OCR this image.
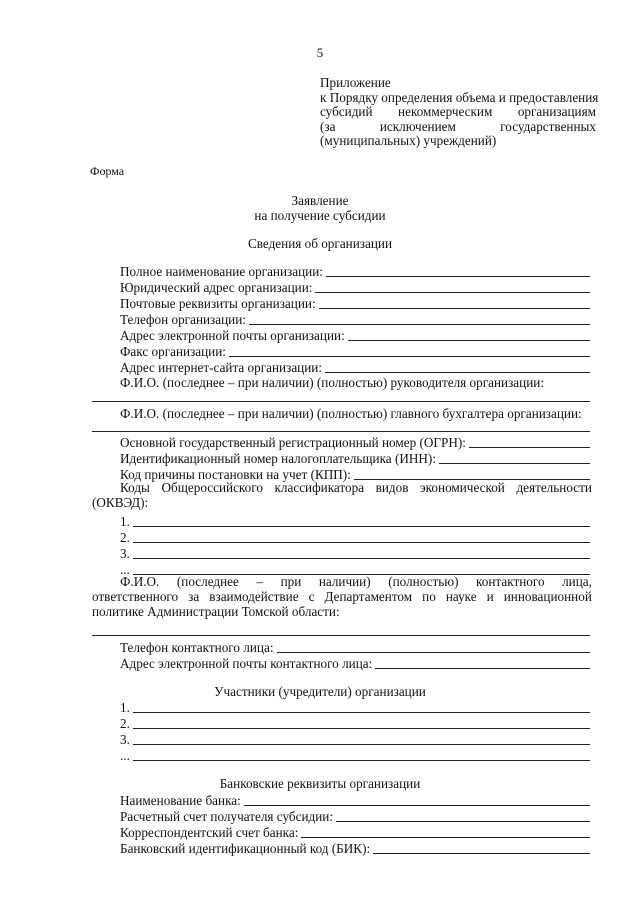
5
Приложение
к Порядку определения объема и предоставления
субсидий некоммерческим организациям
(за	исключением	государственных
(муниципальных) учреждений)
Форма
Заявление
на получение субсидии
Сведения об организации
Полное наименование организации:
Юридический адрес организации:
Почтовые реквизиты организации:
Телефон организации:
Адрес электронной почты организации:
Факс организации:
Адрес интернет-сайта организации:
Ф.И.О. (последнее – при наличии) (полностью) руководителя организации:
Ф.И.О. (последнее – при наличии) (полностью) главного бухгалтера организации:
Основной государственный регистрационный номер (ОГРН):
Идентификационный номер налогоплательщика (ИНН):
Код причины постановки на учет (КПП):
Коды Общероссийского классификатора видов экономической деятельности
(ОКВЭД):
1.
2.
3.
...
Ф.И.О. (последнее – при наличии) (полностью) контактного лица,
ответственного за взаимодействие с Департаментом по науке и инновационной
политике Администрации Томской области:
Телефон контактного лица:
Адрес электронной почты контактного лица:
Участники (учредители) организации
1.
2.
3.
...
Банковские реквизиты организации
Наименование банка:
Расчетный счет получателя субсидии:
Корреспондентский счет банка:
Банковский идентификационный код (БИК):
